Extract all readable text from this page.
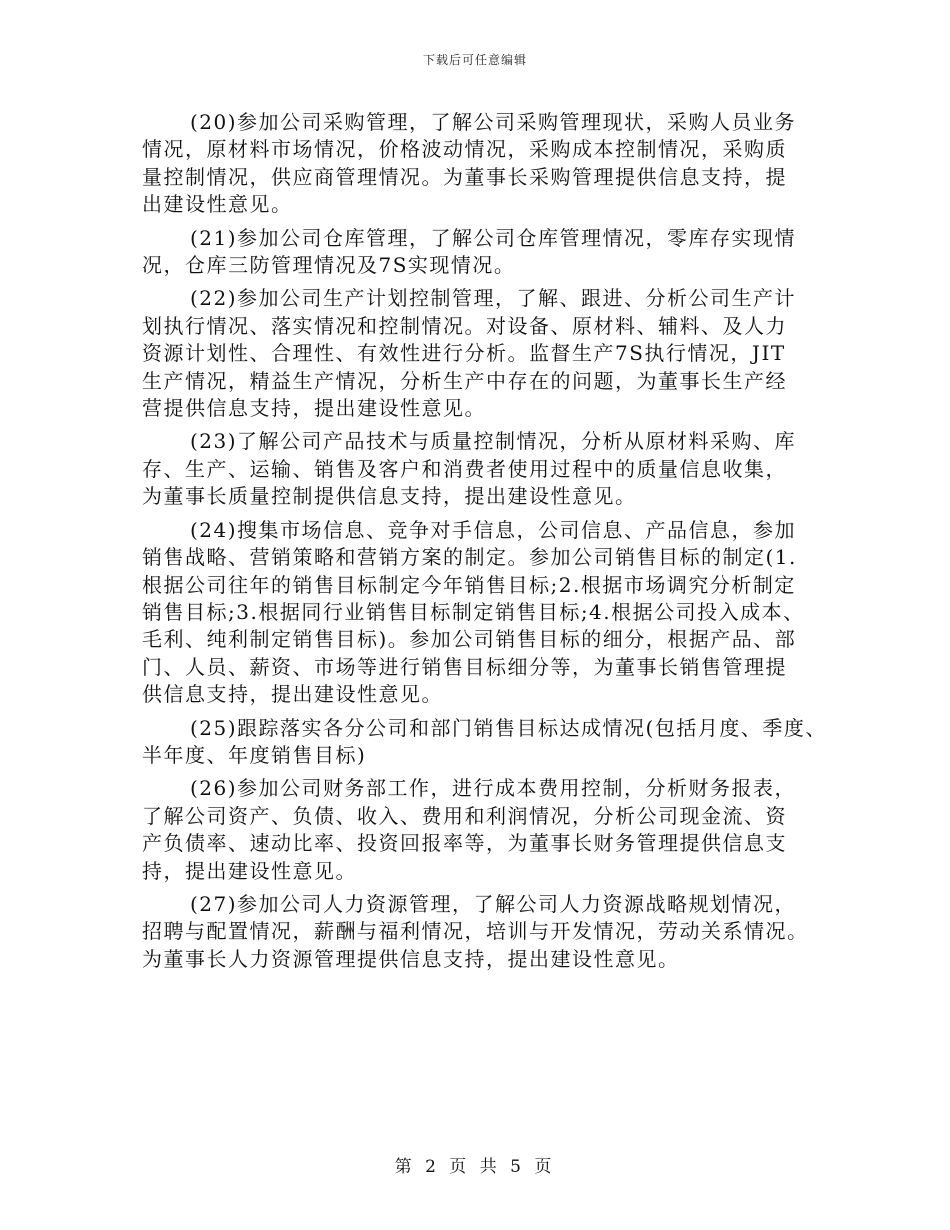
下载后可任意编辑
(20)参加公司采购管理，了解公司采购管理现状，采购人员业务
情况，原材料市场情况，价格波动情况，采购成本控制情况，采购质
量控制情况，供应商管理情况。为董事长采购管理提供信息支持，提
出建设性意见。
(21)参加公司仓库管理，了解公司仓库管理情况，零库存实现情
况，仓库三防管理情况及7S实现情况。
(22)参加公司生产计划控制管理，了解、跟进、分析公司生产计
划执行情况、落实情况和控制情况。对设备、原材料、辅料、及人力
资源计划性、合理性、有效性进行分析。监督生产7S执行情况，JIT
生产情况，精益生产情况，分析生产中存在的问题，为董事长生产经
营提供信息支持，提出建设性意见。
(23)了解公司产品技术与质量控制情况，分析从原材料采购、库
存、生产、运输、销售及客户和消费者使用过程中的质量信息收集，
为董事长质量控制提供信息支持，提出建设性意见。
(24)搜集市场信息、竞争对手信息，公司信息、产品信息，参加
销售战略、营销策略和营销方案的制定。参加公司销售目标的制定(1.
根据公司往年的销售目标制定今年销售目标;2.根据市场调究分析制定
销售目标;3.根据同行业销售目标制定销售目标;4.根据公司投入成本、
毛利、纯利制定销售目标)。参加公司销售目标的细分，根据产品、部
门、人员、薪资、市场等进行销售目标细分等，为董事长销售管理提
供信息支持，提出建设性意见。
(25)跟踪落实各分公司和部门销售目标达成情况(包括月度、季度、
半年度、年度销售目标)
(26)参加公司财务部工作，进行成本费用控制，分析财务报表，
了解公司资产、负债、收入、费用和利润情况，分析公司现金流、资
产负债率、速动比率、投资回报率等，为董事长财务管理提供信息支
持，提出建设性意见。
(27)参加公司人力资源管理，了解公司人力资源战略规划情况，
招聘与配置情况，薪酬与福利情况，培训与开发情况，劳动关系情况。
为董事长人力资源管理提供信息支持，提出建设性意见。
第 2 页 共 5 页
